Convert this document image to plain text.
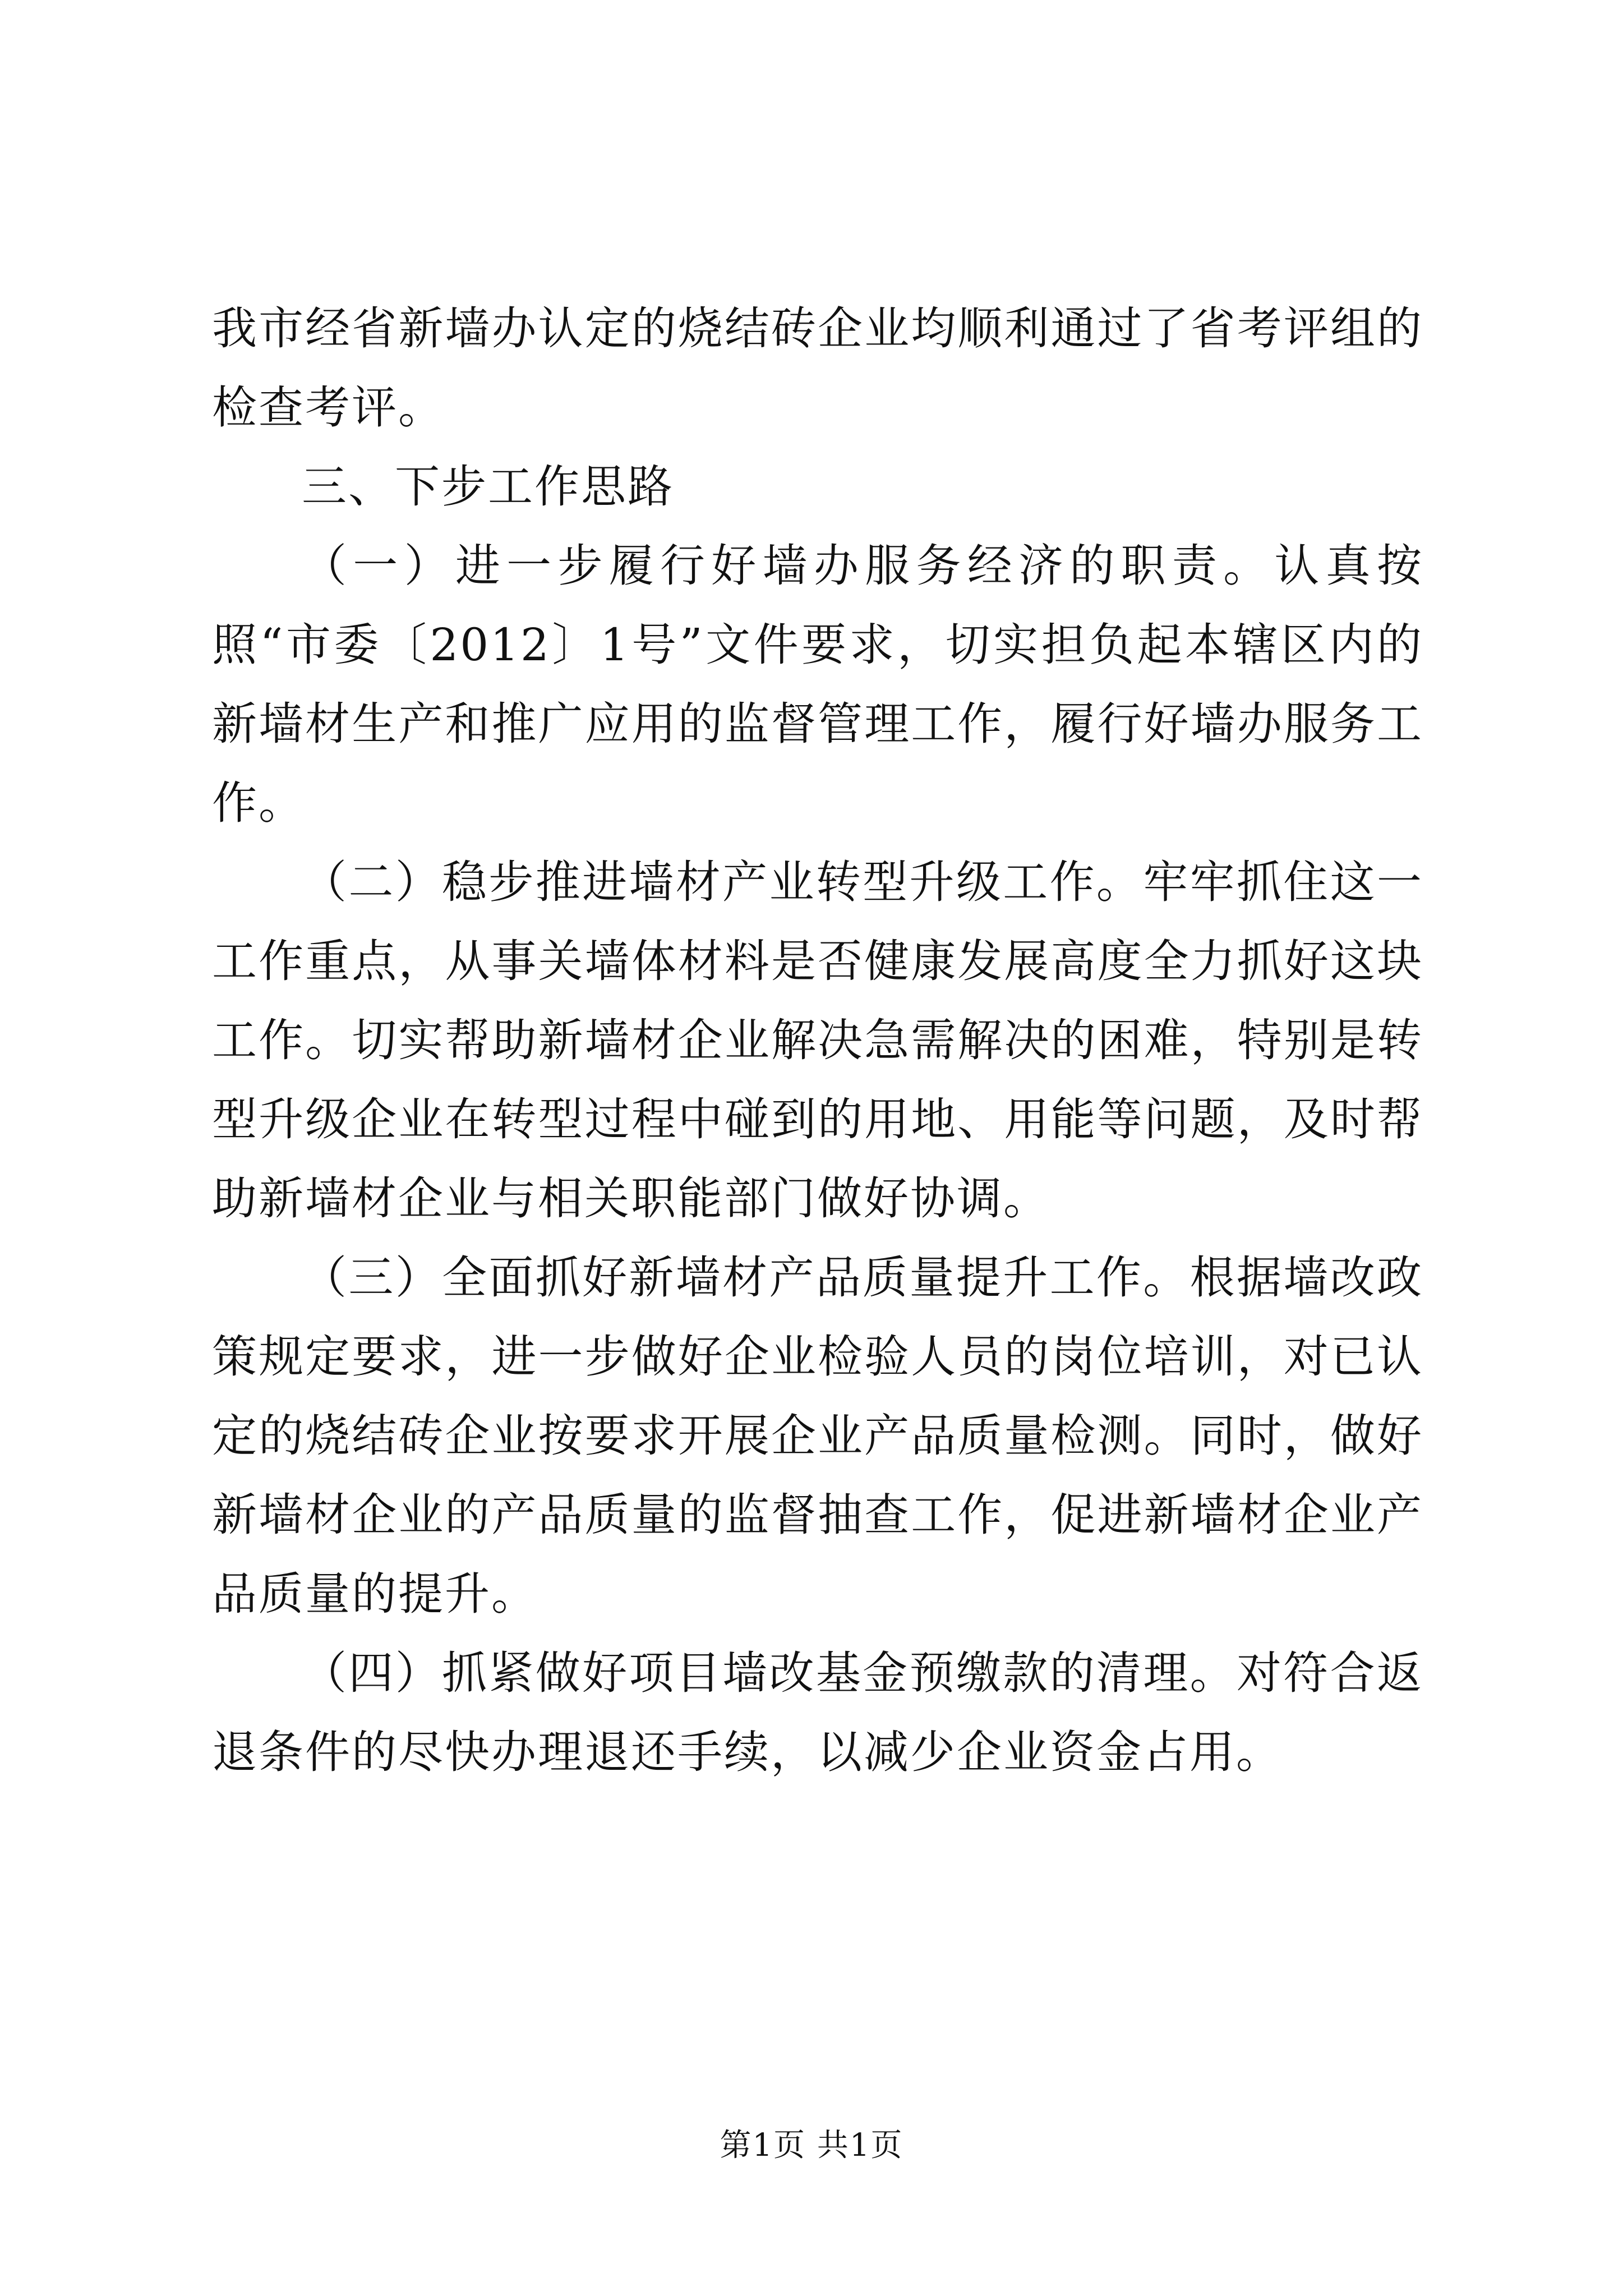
我市经省新墙办认定的烧结砖企业均顺利通过了省考评组的检查考评。

三、下步工作思路

（一）进一步履行好墙办服务经济的职责。认真按照“市委〔2012〕1号”文件要求，切实担负起本辖区内的新墙材生产和推广应用的监督管理工作，履行好墙办服务工作。

（二）稳步推进墙材产业转型升级工作。牢牢抓住这一工作重点，从事关墙体材料是否健康发展高度全力抓好这块工作。切实帮助新墙材企业解决急需解决的困难，特别是转型升级企业在转型过程中碰到的用地、用能等问题，及时帮助新墙材企业与相关职能部门做好协调。

（三）全面抓好新墙材产品质量提升工作。根据墙改政策规定要求，进一步做好企业检验人员的岗位培训，对已认定的烧结砖企业按要求开展企业产品质量检测。同时，做好新墙材企业的产品质量的监督抽查工作，促进新墙材企业产品质量的提升。

（四）抓紧做好项目墙改基金预缴款的清理。对符合返退条件的尽快办理退还手续，以减少企业资金占用。

第1页 共1页
